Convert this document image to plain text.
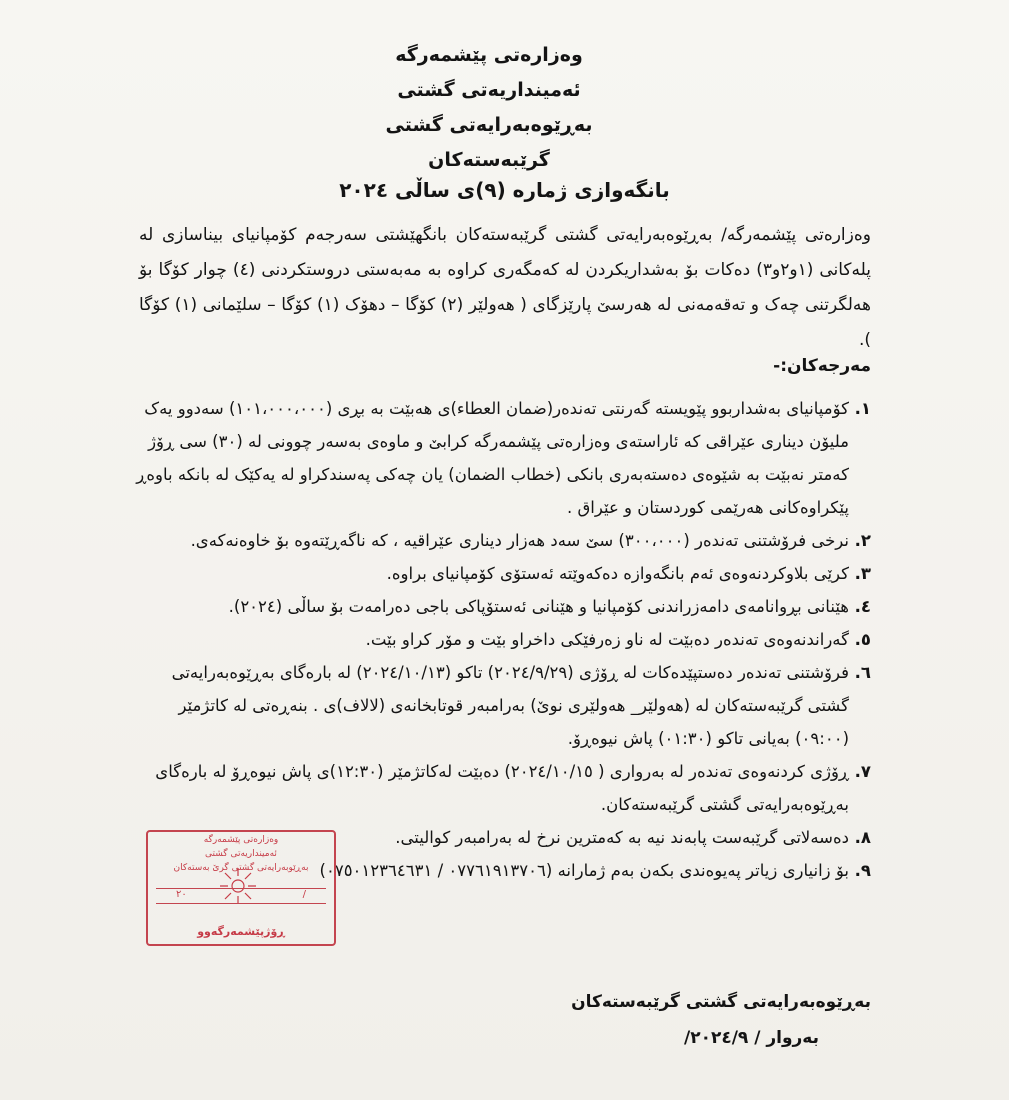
وەزارەتی پێشمەرگە
ئەمینداریەتی گشتی
بەڕێوەبەرایەتی گشتی گرێبەستەکان
بانگەوازی ژمارە (٩)ی ساڵی ٢٠٢٤
وەزارەتی پێشمەرگە/ بەڕێوەبەرایەتی گشتی گرێبەستەکان بانگهێشتی سەرجەم کۆمپانیای بیناسازی لە پلەکانی (١و٢و٣) دەکات بۆ بەشداریکردن لە کەمگەری کراوە بە مەبەستی دروستکردنی (٤) چوار کۆگا بۆ هەلگرتنی چەک و تەقەمەنی لە هەرسێ پارێزگای ( هەولێر (٢) کۆگا – دهۆک (١) کۆگا – سلێمانی (١) کۆگا ).
مەرجەکان:-
١.
کۆمپانیای بەشداربوو پێویستە گەرنتی تەندەر(ضمان العطاء)ی هەبێت بە بڕی (١٠١،٠٠٠،٠٠٠) سەدوو یەک ملیۆن دیناری عێراقی کە ئاراستەی وەزارەتی پێشمەرگە کرابێ و ماوەی بەسەر چوونی لە (٣٠) سی ڕۆژ کەمتر نەبێت بە شێوەی دەستەبەری بانکی (خطاب الضمان) یان چەکی پەسندکراو لە یەکێک لە بانکە باوەڕ پێکراوەکانی هەرێمی کوردستان و عێراق .
٢.
نرخی فرۆشتنی تەندەر (٣٠٠،٠٠٠) سێ سەد هەزار دیناری عێراقیە ، کە ناگەڕێتەوە بۆ خاوەنەکەی.
٣.
کرێی بلاوکردنەوەی ئەم بانگەوازە دەکەوێتە ئەستۆی کۆمپانیای براوە.
٤.
هێنانی بڕوانامەی دامەزراندنی کۆمپانیا و هێنانی ئەستۆپاکی باجی دەرامەت بۆ ساڵی (٢٠٢٤).
٥.
گەراندنەوەی تەندەر دەبێت لە ناو زەرفێکی داخراو بێت و مۆر کراو بێت.
٦.
فرۆشتنی تەندەر دەستپێدەکات لە ڕۆژی (٢٠٢٤/٩/٢٩) تاکو (٢٠٢٤/١٠/١٣) لە بارەگای بەڕێوەبەرایەتی گشتی گرێبەستەکان لە (هەولێر_ هەولێری نوێ) بەرامبەر قوتابخانەی (لالاف)ی . بنەڕەتی لە کاتژمێر (٠٩:٠٠) بەیانی تاکو (٠١:٣٠) پاش نیوەڕۆ.
٧.
ڕۆژی کردنەوەی تەندەر لە بەرواری ( ٢٠٢٤/١٠/١٥) دەبێت لەکاتژمێر (١٢:٣٠)ی پاش نیوەڕۆ لە بارەگای بەڕێوەبەرایەتی گشتی گرێبەستەکان.
٨.
دەسەلاتی گرێبەست پابەند نیە بە کەمترین نرخ لە بەرامبەر کوالیتی.
٩.
بۆ زانیاری زیاتر پەیوەندی بکەن بەم ژمارانە (٠٧٧٦١٩١٣٧٠٦ / ٠٧٥٠١٢٣٦٤٦٣١)
وەزارەتی پێشمەرگە
ئەمینداریەتی گشتی
بەڕێوبەرایەتی گشتی گرێ بەستەکان
/
٢٠
ڕۆژپێشمەرگەوو
بەڕێوەبەرایەتی گشتی گرێبەستەکان
بەروار / ٢٠٢٤/٩/
